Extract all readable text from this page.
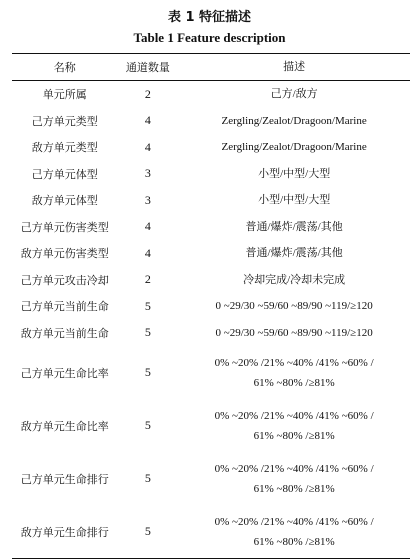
表 1 特征描述
Table 1 Feature description
名称	通道数量	描述
单元所属	2	己方/敌方

己方单元类型	4	Zergling/Zealot/Dragoon/Marine

敌方单元类型	4	Zergling/Zealot/Dragoon/Marine

己方单元体型	3	小型/中型/大型

敌方单元体型	3	小型/中型/大型

己方单元伤害类型	4	普通/爆炸/震荡/其他

敌方单元伤害类型	4	普通/爆炸/震荡/其他

己方单元攻击冷却	2	冷却完成/冷却未完成

己方单元当前生命	5	0 ~29/30 ~59/60 ~89/90 ~119/≥120

敌方单元当前生命	5	0 ~29/30 ~59/60 ~89/90 ~119/≥120

己方单元生命比率	5	0% ~20% /21% ~40% /41% ~60% /
61% ~80% /≥81%

敌方单元生命比率	5	0% ~20% /21% ~40% /41% ~60% /
61% ~80% /≥81%

己方单元生命排行	5	0% ~20% /21% ~40% /41% ~60% /
61% ~80% /≥81%

敌方单元生命排行	5	0% ~20% /21% ~40% /41% ~60% /
61% ~80% /≥81%
